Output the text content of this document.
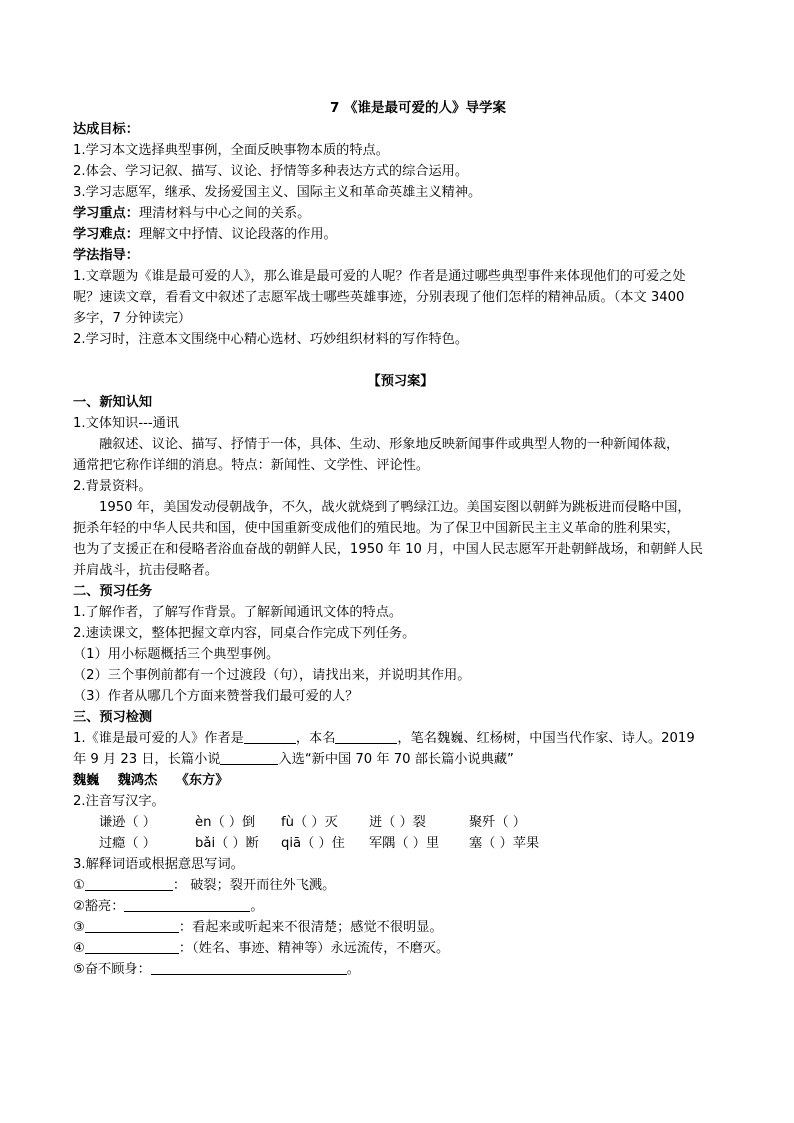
7 《谁是最可爱的人》导学案
达成目标：
1.学习本文选择典型事例，全面反映事物本质的特点。
2.体会、学习记叙、描写、议论、抒情等多种表达方式的综合运用。
3.学习志愿军，继承、发扬爱国主义、国际主义和革命英雄主义精神。
学习重点：理清材料与中心之间的关系。
学习难点：理解文中抒情、议论段落的作用。
学法指导：
1.文章题为《谁是最可爱的人》，那么谁是最可爱的人呢？作者是通过哪些典型事件来体现他们的可爱之处
呢？速读文章，看看文中叙述了志愿军战士哪些英雄事迹，分别表现了他们怎样的精神品质。（本文 3400
多字，7 分钟读完）
2.学习时，注意本文围绕中心精心选材、巧妙组织材料的写作特色。
【预习案】
一、新知认知
1.文体知识---通讯
融叙述、议论、描写、抒情于一体，具体、生动、形象地反映新闻事件或典型人物的一种新闻体裁，
通常把它称作详细的消息。特点：新闻性、文学性、评论性。
2.背景资料。
1950 年，美国发动侵朝战争，不久，战火就烧到了鸭绿江边。美国妄图以朝鲜为跳板进而侵略中国，
扼杀年轻的中华人民共和国，使中国重新变成他们的殖民地。为了保卫中国新民主主义革命的胜利果实，
也为了支援正在和侵略者浴血奋战的朝鲜人民，1950 年 10 月，中国人民志愿军开赴朝鲜战场，和朝鲜人民
并肩战斗，抗击侵略者。
二、预习任务
1.了解作者，了解写作背景。了解新闻通讯文体的特点。
2.速读课文，整体把握文章内容，同桌合作完成下列任务。
（1）用小标题概括三个典型事例。
（2）三个事例前都有一个过渡段（句），请找出来，并说明其作用。
（3）作者从哪几个方面来赞誉我们最可爱的人？
三、预习检测
1.《谁是最可爱的人》作者是	，本名	，笔名魏巍、红杨树，中国当代作家、诗人。2019
年 9 月 23 日，长篇小说	入选“新中国 70 年 70 部长篇小说典藏”
魏巍    魏鸿杰    《东方》
2.注音写汉字。
谦逊（ ）	èn（ ）倒	fù（ ）灭	迸（ ）裂	聚歼（ ）
过瘾（ ）	bǎi（ ）断	qiā（ ）住	军隅（ ）里	塞（ ）苹果
3.解释词语或根据意思写词。
①	： 破裂；裂开而往外飞溅。
②豁亮：	。
③	：看起来或听起来不很清楚；感觉不很明显。
④	：（姓名、事迹、精神等）永远流传，不磨灭。
⑤奋不顾身：	。
